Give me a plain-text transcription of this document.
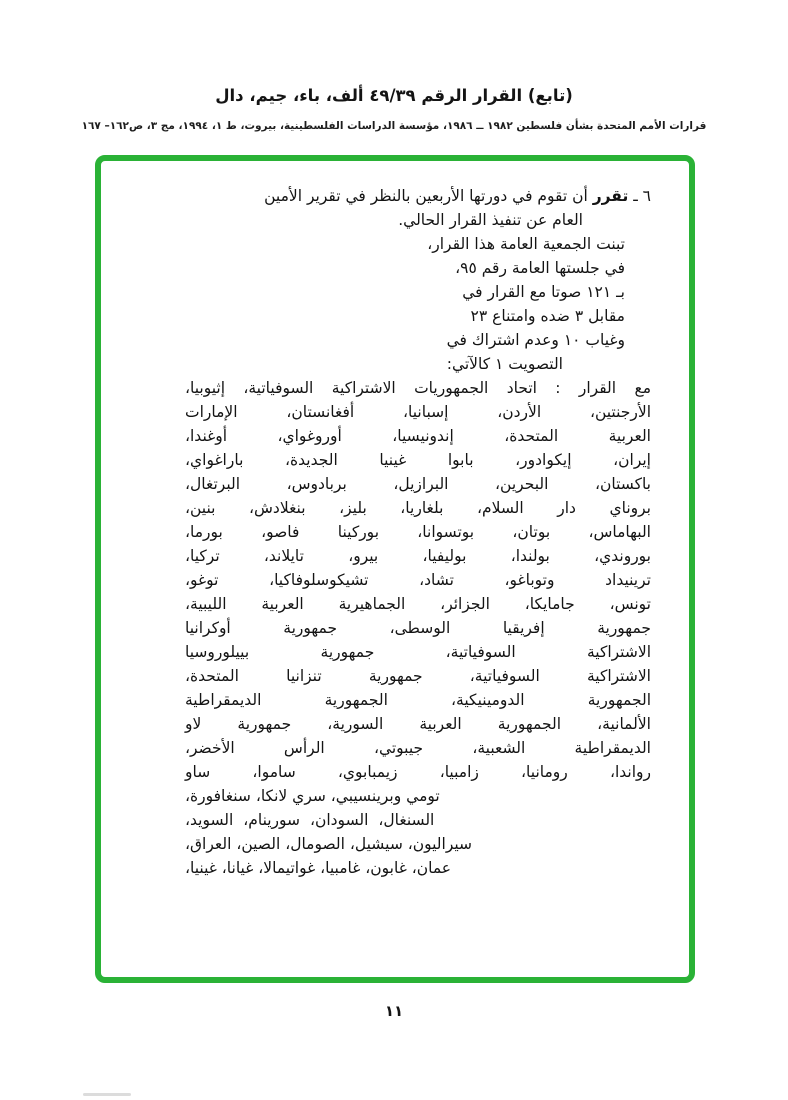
(تابع) القرار الرقم ٤٩/٣٩ ألف، باء، جيم، دال
قرارات الأمم المتحدة بشأن فلسطين ١٩٨٢ ــ ١٩٨٦، مؤسسة الدراسات الفلسطينية، بيروت، ط ١، ١٩٩٤، مج ٣، ص١٦٢– ١٦٧
٦ ـ تقرر أن تقوم في دورتها الأربعين بالنظر في تقرير الأمين
العام عن تنفيذ القرار الحالي.
تبنت الجمعية العامة هذا القرار،
في جلستها العامة رقم ٩٥،
بـ ١٢١ صوتا مع القرار في
مقابل ٣ ضده وامتناع ٢٣
وغياب ١٠ وعدم اشتراك في
التصويت ١ كالآتي:
مع القرار : اتحاد الجمهوريات الاشتراكية السوفياتية، إثيوبيا،
الأرجنتين، الأردن، إسبانيا، أفغانستان، الإمارات
العربية المتحدة، إندونيسيا، أوروغواي، أوغندا،
إيران، إيكوادور، بابوا غينيا الجديدة، باراغواي،
باكستان، البحرين، البرازيل، بربادوس، البرتغال،
بروناي دار السلام، بلغاريا، بليز، بنغلادش، بنين،
البهاماس، بوتان، بوتسوانا، بوركينا فاصو، بورما،
بوروندي، بولندا، بوليفيا، بيرو، تايلاند، تركيا،
ترينيداد وتوباغو، تشاد، تشيكوسلوفاكيا، توغو،
تونس، جامايكا، الجزائر، الجماهيرية العربية الليبية،
جمهورية إفريقيا الوسطى، جمهورية أوكرانيا
الاشتراكية السوفياتية، جمهورية بييلوروسيا
الاشتراكية السوفياتية، جمهورية تنزانيا المتحدة،
الجمهورية الدومينيكية، الجمهورية الديمقراطية
الألمانية، الجمهورية العربية السورية، جمهورية لاو
الديمقراطية الشعبية، جيبوتي، الرأس الأخضر،
رواندا، رومانيا، زامبيا، زيمبابوي، ساموا، ساو
تومي وبرينسيبي، سري لانكا، سنغافورة،
السنغال، السودان، سورينام، السويد،
سيراليون، سيشيل، الصومال، الصين، العراق،
عمان، غابون، غامبيا، غواتيمالا، غيانا، غينيا،
١١
